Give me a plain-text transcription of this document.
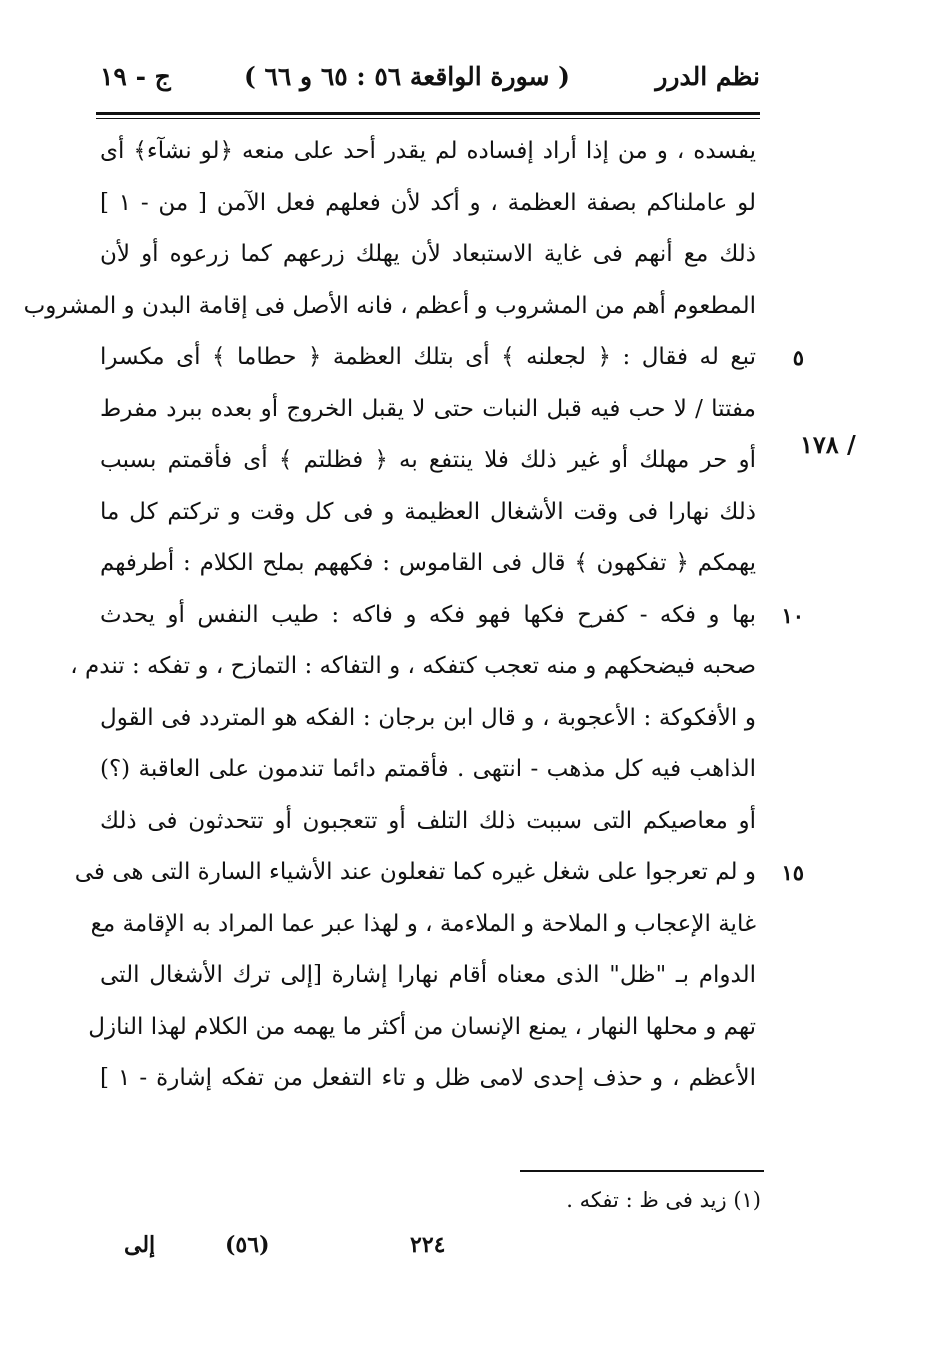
نظم الدرر
( سورة الواقعة ٥٦ : ٦٥ و ٦٦ )
ج - ١٩
يفسده ، و من إذا أراد إفساده لم يقدر أحد على منعه ﴿لو نشآء﴾ أى
لو عاملناكم بصفة العظمة ، و أكد لأن فعلهم فعل الآمن [ من - ١ ]
ذلك مع أنهم فى غاية الاستبعاد لأن يهلك زرعهم كما زرعوه أو لأن
المطعوم أهم من المشروب و أعظم ، فانه الأصل فى إقامة البدن و المشروب
تبع له فقال : ﴿ لجعلنه ﴾ أى بتلك العظمة ﴿ حطاما ﴾ أى مكسرا ٥
مفتتا / لا حب فيه قبل النبات حتى لا يقبل الخروج أو بعده ببرد مفرط
أو حر مهلك أو غير ذلك فلا ينتفع به ﴿ فظلتم ﴾ أى فأقمتم بسبب
ذلك نهارا فى وقت الأشغال العظيمة و فى كل وقت و تركتم كل ما
يهمكم ﴿ تفكهون ﴾ قال فى القاموس : فكههم بملح الكلام : أطرفهم
بها و فكه - كفرح فكها فهو فكه و فاكه : طيب النفس أو يحدث ١٠
صحبه فيضحكهم و منه تعجب كتفكه ، و التفاكه : التمازح ، و تفكه : تندم ،
و الأفكوكة : الأعجوبة ، و قال ابن برجان : الفكه هو المتردد فى القول
الذاهب فيه كل مذهب - انتهى . فأقمتم دائما تندمون على العاقبة (؟)
أو معاصيكم التى سببت ذلك التلف أو تتعجبون أو تتحدثون فى ذلك
و لم تعرجوا على شغل غيره كما تفعلون عند الأشياء السارة التى هى فى ١٥
غاية الإعجاب و الملاحة و الملاءمة ، و لهذا عبر عما المراد به الإقامة مع
الدوام بـ "ظل" الذى معناه أقام نهارا إشارة [إلى ترك الأشغال التى
تهم و محلها النهار ، يمنع الإنسان من أكثر ما يهمه من الكلام لهذا النازل
الأعظم ، و حذف إحدى لامى ظل و تاء التفعل من تفكه إشارة - ١ ]
/ ١٧٨
(١) زيد فى ظ : تفكه .
٢٢٤
(٥٦)
إلى
